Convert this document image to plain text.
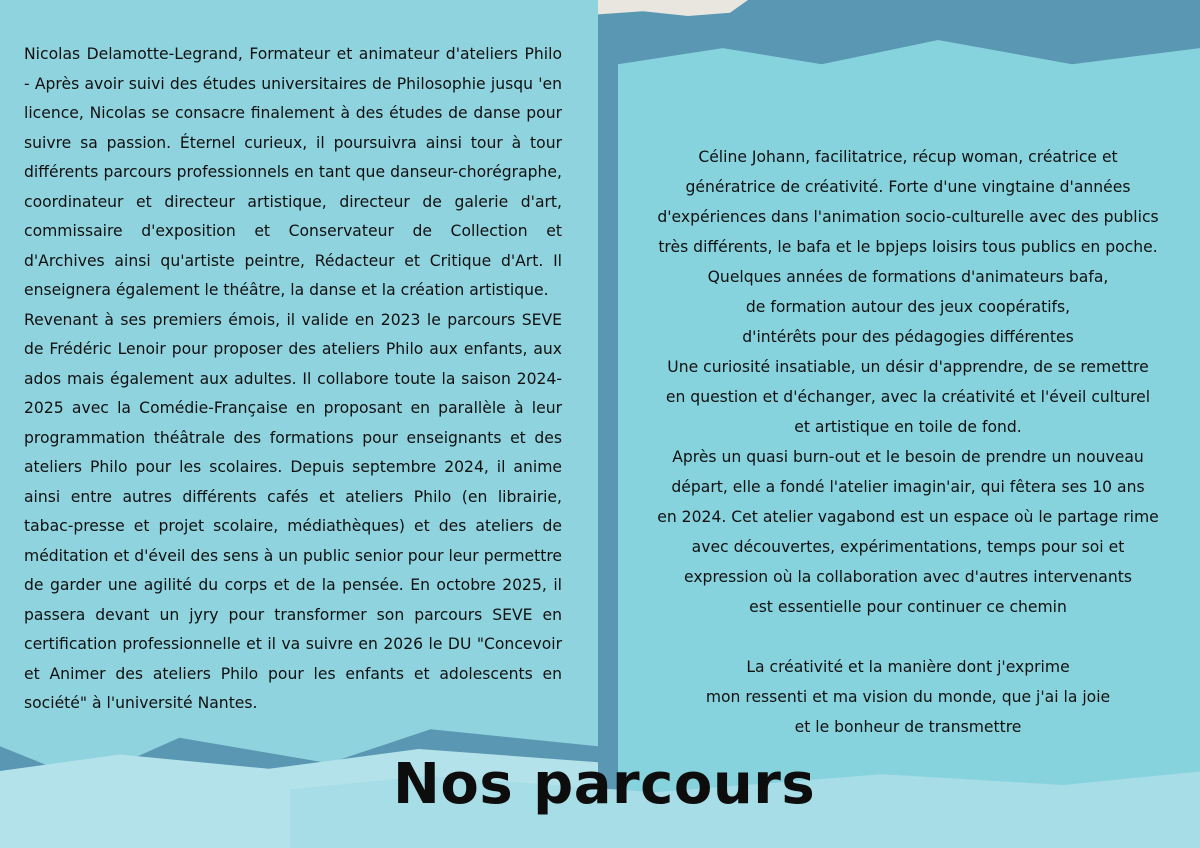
Nicolas Delamotte-Legrand, Formateur et animateur d'ateliers Philo - Après avoir suivi des études universitaires de Philosophie jusqu 'en licence, Nicolas se consacre finalement à des études de danse pour suivre sa passion. Éternel curieux, il poursuivra ainsi tour à tour différents parcours professionnels en tant que danseur-chorégraphe, coordinateur et directeur artistique, directeur de galerie d'art, commissaire d'exposition et Conservateur de Collection et d'Archives ainsi qu'artiste peintre, Rédacteur et Critique d'Art. Il enseignera également le théâtre, la danse et la création artistique.

Revenant à ses premiers émois, il valide en 2023 le parcours SEVE de Frédéric Lenoir pour proposer des ateliers Philo aux enfants, aux ados mais également aux adultes. Il collabore toute la saison 2024-2025 avec la Comédie-Française en proposant en parallèle à leur programmation théâtrale des formations pour enseignants et des ateliers Philo pour les scolaires. Depuis septembre 2024, il anime ainsi entre autres différents cafés et ateliers Philo (en librairie, tabac-presse et projet scolaire, médiathèques) et des ateliers de méditation et d'éveil des sens à un public senior pour leur permettre de garder une agilité du corps et de la pensée. En octobre 2025, il passera devant un jyry pour transformer son parcours SEVE en certification professionnelle et il va suivre en 2026 le DU "Concevoir et Animer des ateliers Philo pour les enfants et adolescents en société" à l'université Nantes.

Céline Johann, facilitatrice, récup woman, créatrice et

génératrice de créativité. Forte d'une vingtaine d'années

d'expériences dans l'animation socio-culturelle avec des publics

très différents, le bafa et le bpjeps loisirs tous publics en poche.

Quelques années de formations d'animateurs bafa,

de formation autour des jeux coopératifs,

d'intérêts pour des pédagogies différentes

Une curiosité insatiable, un désir d'apprendre, de se remettre

en question et d'échanger, avec la créativité et l'éveil culturel

et artistique en toile de fond.

Après un quasi burn-out et le besoin de prendre un nouveau

départ, elle a fondé l'atelier imagin'air, qui fêtera ses 10 ans

en 2024. Cet atelier vagabond est un espace où le partage rime

avec découvertes, expérimentations, temps pour soi et

expression où la collaboration avec d'autres intervenants

est essentielle pour continuer ce chemin

La créativité et la manière dont j'exprime

mon ressenti et ma vision du monde, que j'ai la joie

et le bonheur de transmettre

Nos parcours
